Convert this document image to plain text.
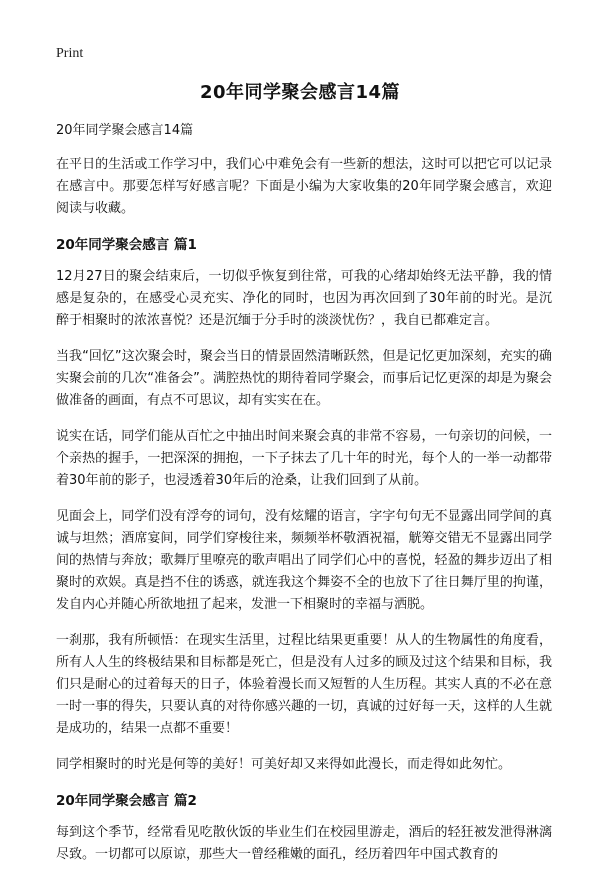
Print
20年同学聚会感言14篇

20年同学聚会感言14篇

在平日的生活或工作学习中，我们心中难免会有一些新的想法，这时可以把它可以记录在感言中。那要怎样写好感言呢？下面是小编为大家收集的20年同学聚会感言，欢迎阅读与收藏。

20年同学聚会感言 篇1

12月27日的聚会结束后，一切似乎恢复到往常，可我的心绪却始终无法平静，我的情感是复杂的，在感受心灵充实、净化的同时，也因为再次回到了30年前的时光。是沉醉于相聚时的浓浓喜悦？还是沉缅于分手时的淡淡忧伤？，我自已都难定言。

当我“回忆”这次聚会时，聚会当日的情景固然清晰跃然，但是记忆更加深刻，充实的确实聚会前的几次“准备会”。满腔热忱的期待着同学聚会，而事后记忆更深的却是为聚会做准备的画面，有点不可思议，却有实实在在。

说实在话，同学们能从百忙之中抽出时间来聚会真的非常不容易，一句亲切的问候，一个亲热的握手，一把深深的拥抱，一下子抹去了几十年的时光，每个人的一举一动都带着30年前的影子，也浸透着30年后的沧桑，让我们回到了从前。

见面会上，同学们没有浮夸的词句，没有炫耀的语言，字字句句无不显露出同学间的真诚与坦然；酒席宴间，同学们穿梭往来，频频举杯敬酒祝福，觥筹交错无不显露出同学间的热情与奔放；歌舞厅里嘹亮的歌声唱出了同学们心中的喜悦，轻盈的舞步迈出了相聚时的欢娱。真是挡不住的诱惑，就连我这个舞姿不全的也放下了往日舞厅里的拘谨，发自内心并随心所欲地扭了起来，发泄一下相聚时的幸福与洒脱。

一刹那，我有所顿悟：在现实生活里，过程比结果更重要！从人的生物属性的角度看，所有人人生的终极结果和目标都是死亡，但是没有人过多的顾及过这个结果和目标，我们只是耐心的过着每天的日子，体验着漫长而又短暂的人生历程。其实人真的不必在意一时一事的得失，只要认真的对待你感兴趣的一切，真诚的过好每一天，这样的人生就是成功的，结果一点都不重要！

同学相聚时的时光是何等的美好！可美好却又来得如此漫长，而走得如此匆忙。

20年同学聚会感言 篇2

每到这个季节，经常看见吃散伙饭的毕业生们在校园里游走，酒后的轻狂被发泄得淋漓尽致。一切都可以原谅，那些大一曾经稚嫩的面孔，经历着四年中国式教育的
